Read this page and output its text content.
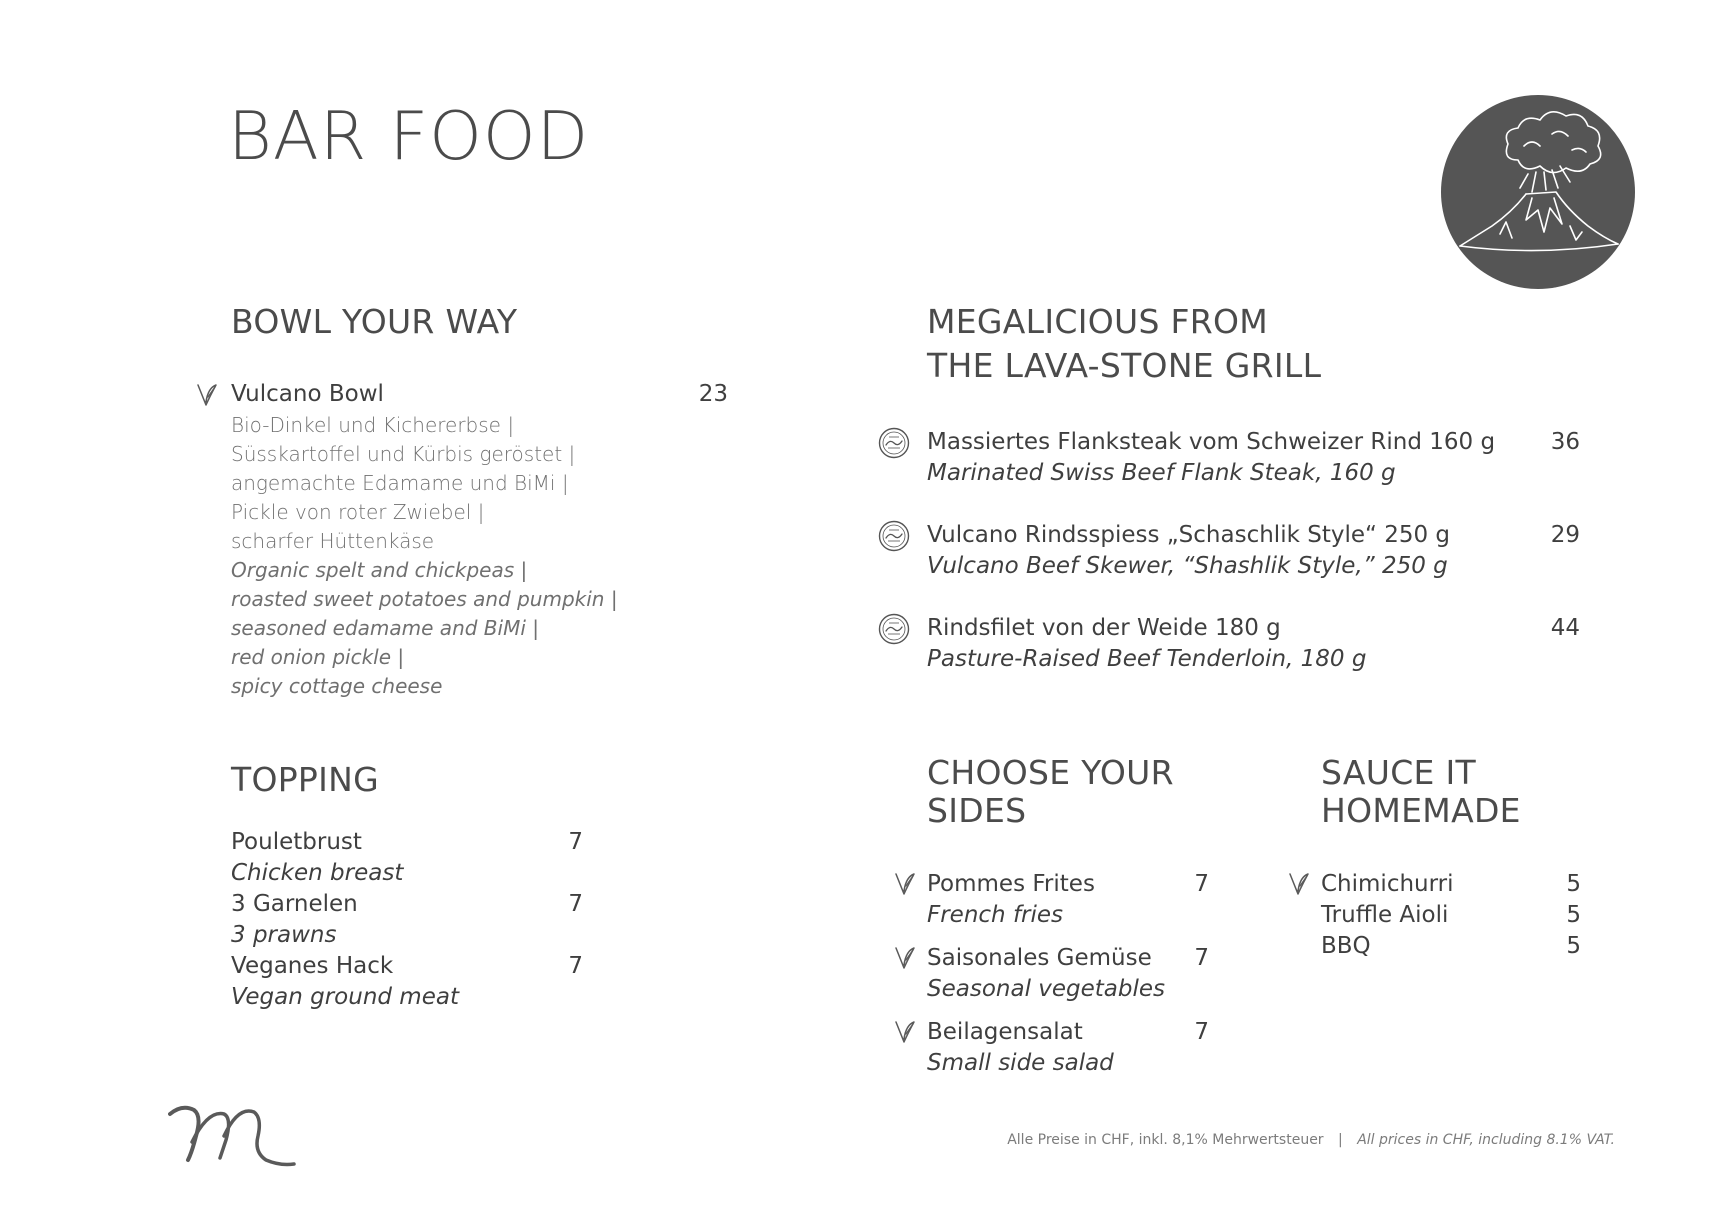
BAR FOOD
BOWL YOUR WAY
Vulcano Bowl	23
Bio-Dinkel und Kichererbse |
Süsskartoffel und Kürbis geröstet |
angemachte Edamame und BiMi |
Pickle von roter Zwiebel |
scharfer Hüttenkäse
Organic spelt and chickpeas |
roasted sweet potatoes and pumpkin |
seasoned edamame and BiMi |
red onion pickle |
spicy cottage cheese
TOPPING
Pouletbrust	7
Chicken breast
3 Garnelen	7
3 prawns
Veganes Hack	7
Vegan ground meat
MEGALICIOUS FROM
THE LAVA-STONE GRILL
Massiertes Flanksteak vom Schweizer Rind 160 g 36
Marinated Swiss Beef Flank Steak, 160 g
Vulcano Rindsspiess „Schaschlik Style“ 250 g	29
Vulcano Beef Skewer, “Shashlik Style,” 250 g
Rindsfilet von der Weide 180 g	44
Pasture-Raised Beef Tenderloin, 180 g
CHOOSE YOUR
SIDES
Pommes Frites	7
French fries
Saisonales Gemüse 7
Seasonal vegetables
Beilagensalat	7
Small side salad
SAUCE IT
HOMEMADE
Chimichurri	5
Truffle Aioli	5
BBQ	5
Alle Preise in CHF, inkl. 8,1% Mehrwertsteuer | All prices in CHF, including 8.1% VAT.
